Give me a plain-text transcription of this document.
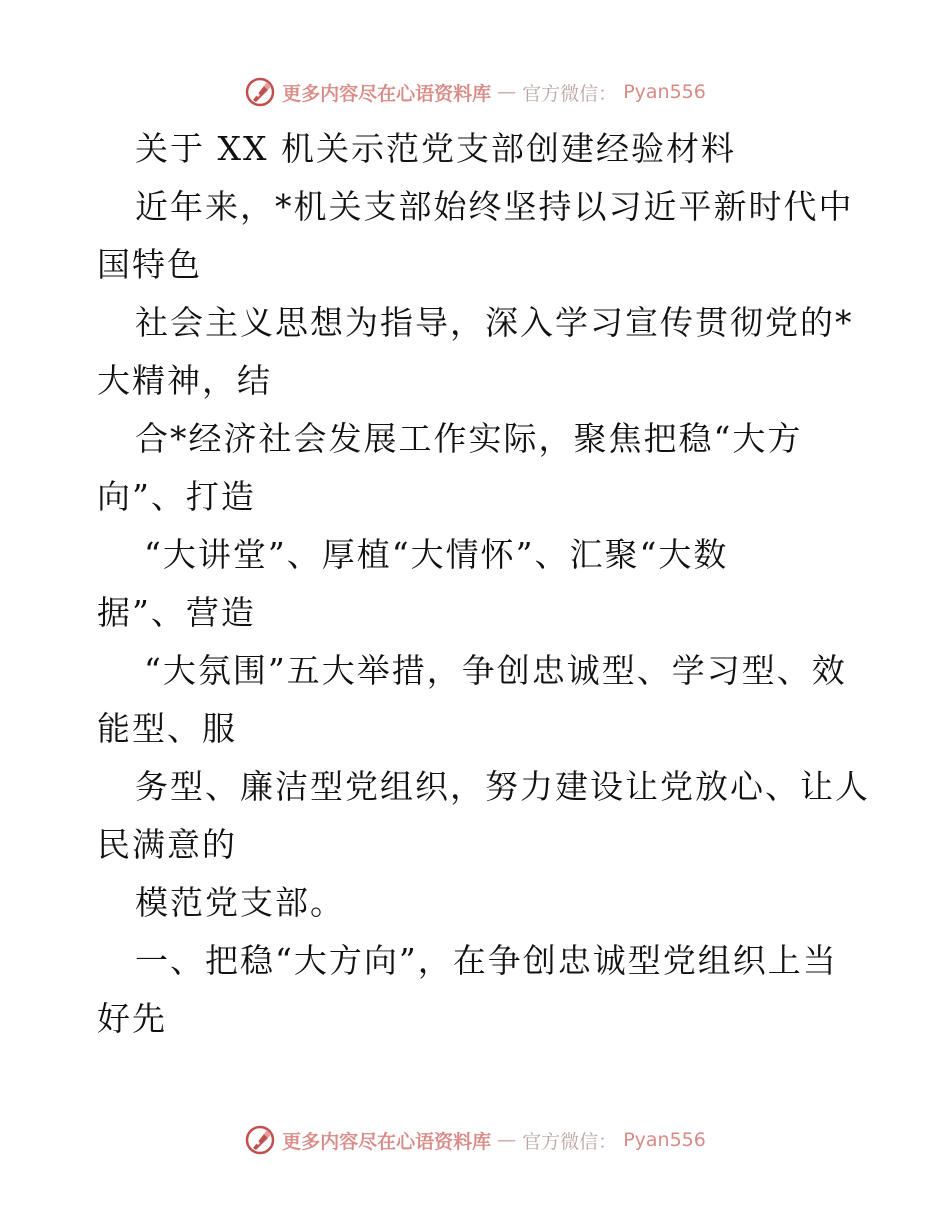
更多内容尽在心语资料库 — 官方微信： Pyan556
关于 XX 机关示范党支部创建经验材料
近年来，*机关支部始终坚持以习近平新时代中
国特色
社会主义思想为指导，深入学习宣传贯彻党的*
大精神，结
合*经济社会发展工作实际，聚焦把稳“大方
向”、打造
“大讲堂”、厚植“大情怀”、汇聚“大数
据”、营造
“大氛围”五大举措，争创忠诚型、学习型、效
能型、服
务型、廉洁型党组织，努力建设让党放心、让人
民满意的
模范党支部。
一、把稳“大方向”，在争创忠诚型党组织上当
好先
更多内容尽在心语资料库 — 官方微信： Pyan556
